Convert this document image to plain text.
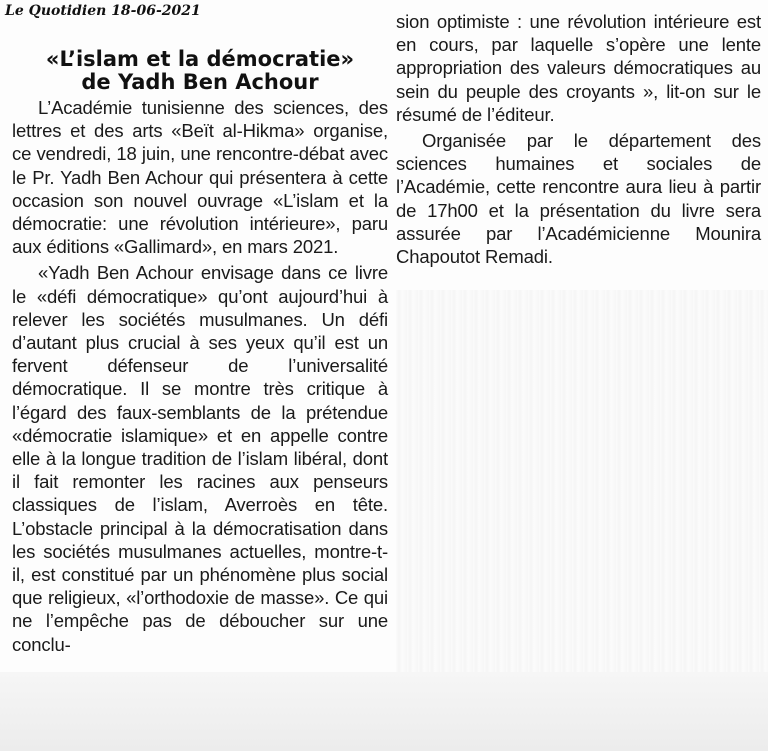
Le Quotidien 18-06-2021
«L’islam et la démocratie»
de Yadh Ben Achour

L’Académie tunisienne des sciences, des lettres et des arts «Beït al-Hikma» organise, ce vendredi, 18 juin, une rencontre-débat avec le Pr. Yadh Ben Achour qui présentera à cette occasion son nouvel ouvrage «L’islam et la démocratie: une révolution intérieure», paru aux éditions «Gallimard», en mars 2021.

«Yadh Ben Achour envisage dans ce livre le «défi démocratique» qu’ont aujourd’hui à relever les sociétés musulmanes. Un défi d’autant plus crucial à ses yeux qu’il est un fervent défenseur de l’universalité démocratique. Il se montre très critique à l’égard des faux-semblants de la prétendue «démocratie islamique» et en appelle contre elle à la longue tradition de l’islam libéral, dont il fait remonter les racines aux penseurs classiques de l’islam, Averroès en tête. L’obstacle principal à la démocratisation dans les sociétés musulmanes actuelles, montre-t-il, est constitué par un phénomène plus social que religieux, «l’orthodoxie de masse». Ce qui ne l’empêche pas de déboucher sur une conclu-

sion optimiste : une révolution intérieure est en cours, par laquelle s’opère une lente appropriation des valeurs démocratiques au sein du peuple des croyants », lit-on sur le résumé de l’éditeur.

Organisée par le département des sciences humaines et sociales de l’Académie, cette rencontre aura lieu à partir de 17h00 et la présentation du livre sera assurée par l’Académicienne Mounira Chapoutot Remadi.
